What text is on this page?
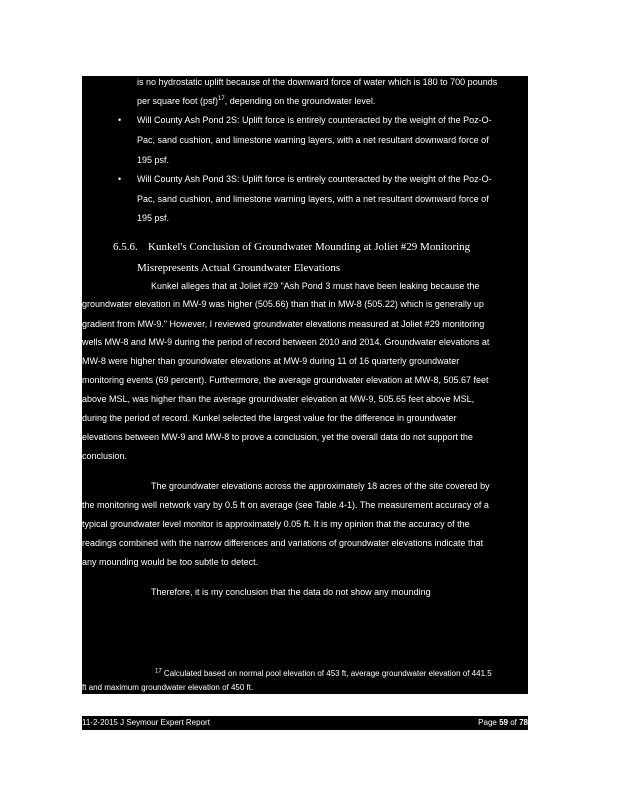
is no hydrostatic uplift because of the downward force of water which is 180 to 700 pounds
per square foot (psf)$^{17}$, depending on the groundwater level.
• Will County Ash Pond 2S: Uplift force is entirely counteracted by the weight of the Poz-O-
Pac, sand cushion, and limestone warning layers, with a net resultant downward force of
195 psf.
• Will County Ash Pond 3S: Uplift force is entirely counteracted by the weight of the Poz-O-
Pac, sand cushion, and limestone warning layers, with a net resultant downward force of
195 psf.
6.5.6. Kunkel's Conclusion of Groundwater Mounding at Joliet #29 Monitoring
Misrepresents Actual Groundwater Elevations
Kunkel alleges that at Joliet #29 "Ash Pond 3 must have been leaking because the
groundwater elevation in MW-9 was higher (505.66) than that in MW-8 (505.22) which is generally up
gradient from MW-9." However, I reviewed groundwater elevations measured at Joliet #29 monitoring
wells MW-8 and MW-9 during the period of record between 2010 and 2014. Groundwater elevations at
MW-8 were higher than groundwater elevations at MW-9 during 11 of 16 quarterly groundwater
monitoring events (69 percent). Furthermore, the average groundwater elevation at MW-8, 505.67 feet
above MSL, was higher than the average groundwater elevation at MW-9, 505.65 feet above MSL,
during the period of record. Kunkel selected the largest value for the difference in groundwater
elevations between MW-9 and MW-8 to prove a conclusion, yet the overall data do not support the
conclusion.
The groundwater elevations across the approximately 18 acres of the site covered by
the monitoring well network vary by 0.5 ft on average (see Table 4-1). The measurement accuracy of a
typical groundwater level monitor is approximately 0.05 ft. It is my opinion that the accuracy of the
readings combined with the narrow differences and variations of groundwater elevations indicate that
any mounding would be too subtle to detect.
Therefore, it is my conclusion that the data do not show any mounding
$^{17}$ Calculated based on normal pool elevation of 453 ft, average groundwater elevation of 441.5
ft and maximum groundwater elevation of 450 ft.
11-2-2015 J Seymour Expert Report	Page 59 of 78
